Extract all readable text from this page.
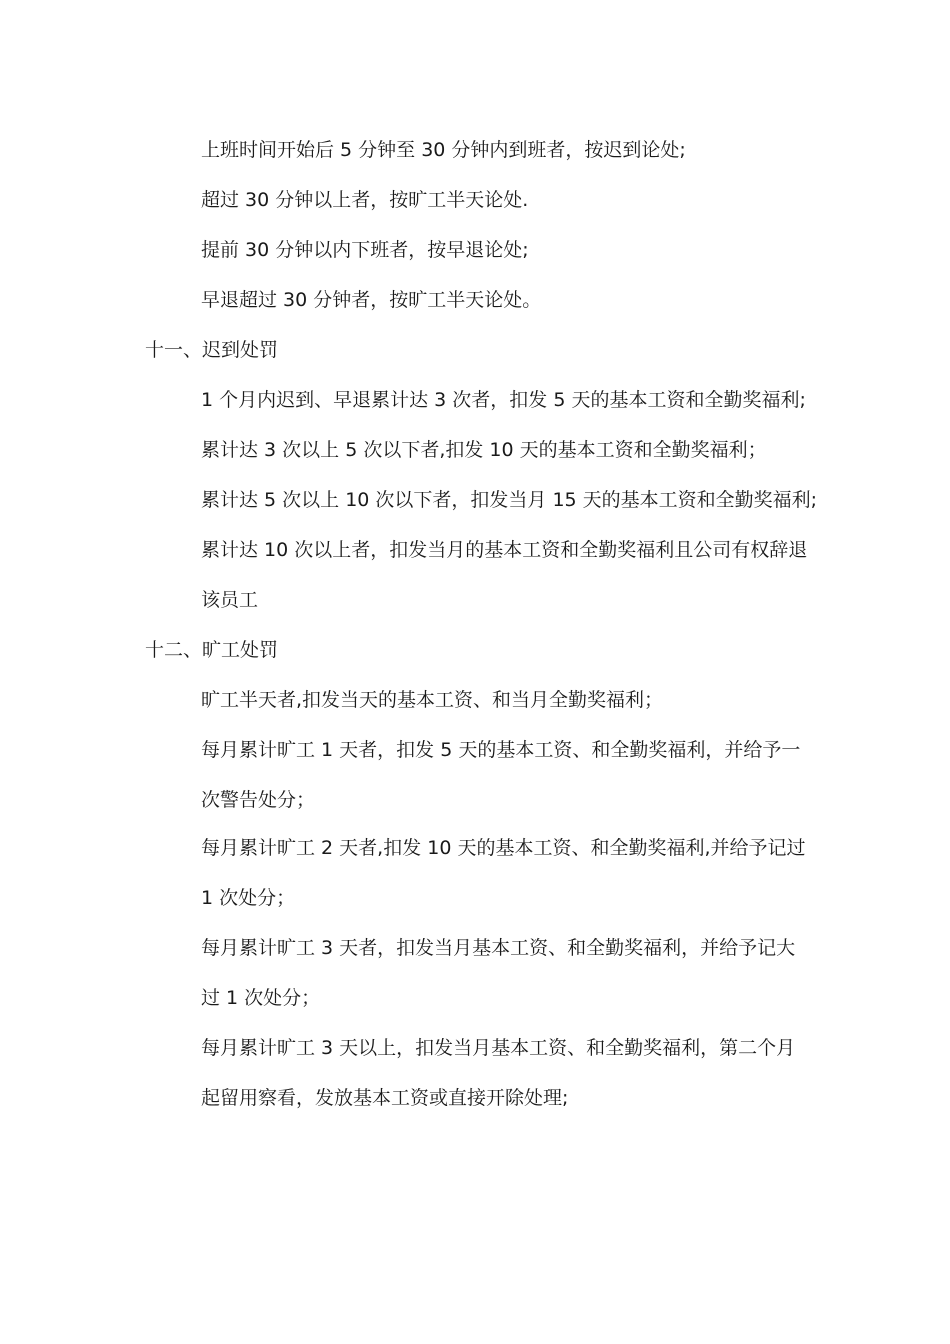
上班时间开始后 5 分钟至 30 分钟内到班者，按迟到论处;
超过 30 分钟以上者，按旷工半天论处.
提前 30 分钟以内下班者，按早退论处;
早退超过 30 分钟者，按旷工半天论处。
十一、迟到处罚
1 个月内迟到、早退累计达 3 次者，扣发 5 天的基本工资和全勤奖福利;
累计达 3 次以上 5 次以下者,扣发 10 天的基本工资和全勤奖福利；
累计达 5 次以上 10 次以下者，扣发当月 15 天的基本工资和全勤奖福利;
累计达 10 次以上者，扣发当月的基本工资和全勤奖福利且公司有权辞退
该员工
十二、旷工处罚
旷工半天者,扣发当天的基本工资、和当月全勤奖福利；
每月累计旷工 1 天者，扣发 5 天的基本工资、和全勤奖福利，并给予一
次警告处分；
每月累计旷工 2 天者,扣发 10 天的基本工资、和全勤奖福利,并给予记过
1 次处分；
每月累计旷工 3 天者，扣发当月基本工资、和全勤奖福利，并给予记大
过 1 次处分；
每月累计旷工 3 天以上，扣发当月基本工资、和全勤奖福利，第二个月
起留用察看，发放基本工资或直接开除处理;
